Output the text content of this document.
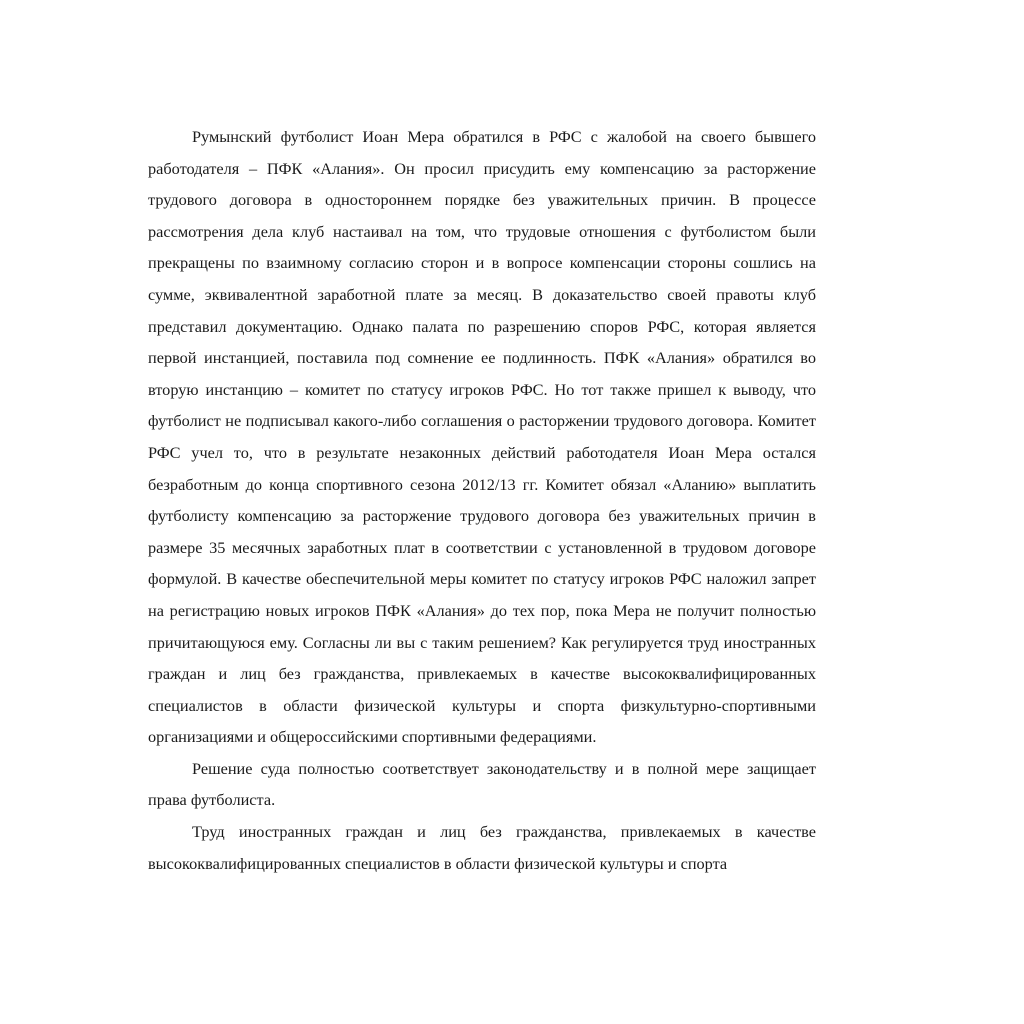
Румынский футболист Иоан Мера обратился в РФС с жалобой на своего бывшего работодателя – ПФК «Алания». Он просил присудить ему компенсацию за расторжение трудового договора в одностороннем порядке без уважительных причин. В процессе рассмотрения дела клуб настаивал на том, что трудовые отношения с футболистом были прекращены по взаимному согласию сторон и в вопросе компенсации стороны сошлись на сумме, эквивалентной заработной плате за месяц. В доказательство своей правоты клуб представил документацию. Однако палата по разрешению споров РФС, которая является первой инстанцией, поставила под сомнение ее подлинность. ПФК «Алания» обратился во вторую инстанцию – комитет по статусу игроков РФС. Но тот также пришел к выводу, что футболист не подписывал какого-либо соглашения о расторжении трудового договора. Комитет РФС учел то, что в результате незаконных действий работодателя Иоан Мера остался безработным до конца спортивного сезона 2012/13 гг. Комитет обязал «Аланию» выплатить футболисту компенсацию за расторжение трудового договора без уважительных причин в размере 35 месячных заработных плат в соответствии с установленной в трудовом договоре формулой. В качестве обеспечительной меры комитет по статусу игроков РФС наложил запрет на регистрацию новых игроков ПФК «Алания» до тех пор, пока Мера не получит полностью причитающуюся ему. Согласны ли вы с таким решением? Как регулируется труд иностранных граждан и лиц без гражданства, привлекаемых в качестве высококвалифицированных специалистов в области физической культуры и спорта физкультурно-спортивными организациями и общероссийскими спортивными федерациями.

Решение суда полностью соответствует законодательству и в полной мере защищает права футболиста.

Труд иностранных граждан и лиц без гражданства, привлекаемых в качестве высококвалифицированных специалистов в области физической культуры и спорта
